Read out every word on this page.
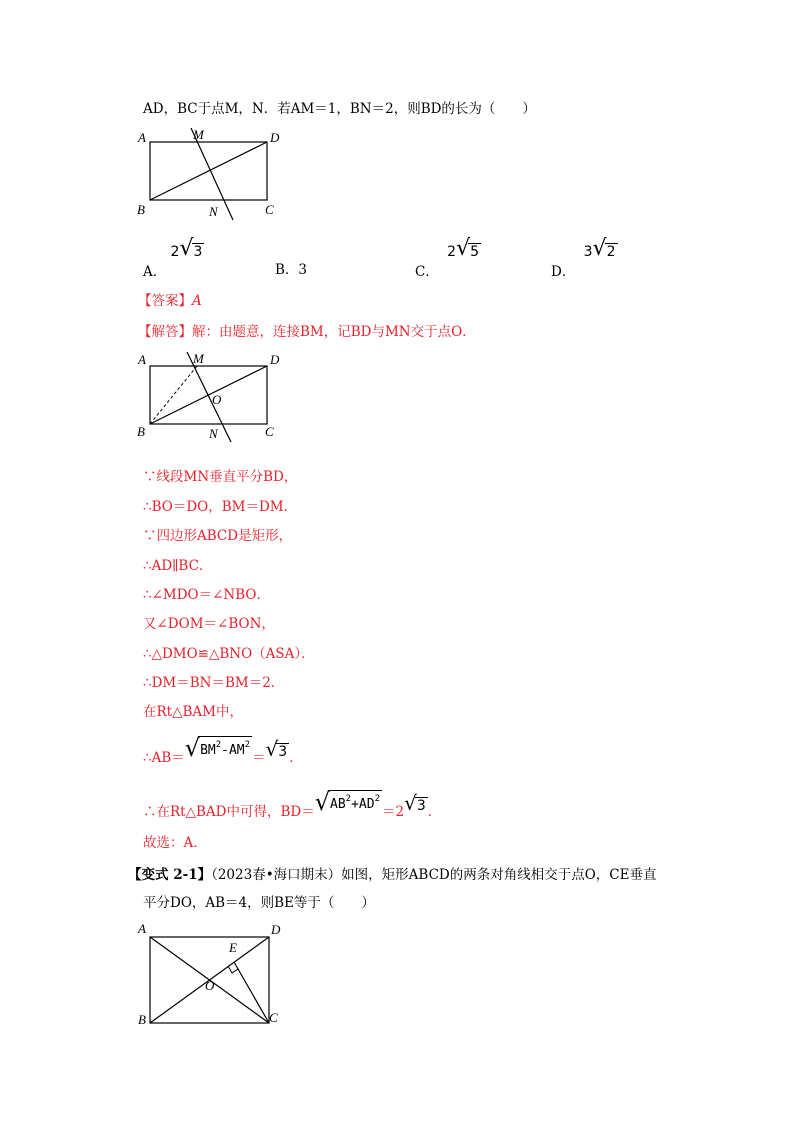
AD，BC于点M，N．若AM＝1，BN＝2，则BD的长为（　　）
A	M	D
B	N	C
A．
2 √ 3
B．3	C．
2 √ 5
D．
3 √ 2
【答案】A
【解答】解：由题意，连接BM，记BD与MN交于点O．
A	M	D
O
B	N	C
∵线段MN垂直平分BD，
∴BO＝DO，BM＝DM．
∵四边形ABCD是矩形，
∴AD∥BC．
∴∠MDO＝∠NBO．
又∠DOM＝∠BON，
∴△DMO≌△BNO（ASA）．
∴DM＝BN＝BM＝2．
在Rt△BAM中，
∴AB＝ √ $BM^2-AM^2$
＝ √ 3 ．
∴在Rt△BAD中可得，BD＝ √ $AB^2+AD^2$
＝2 √ 3 ．
故选：A．
【变式 2-1】（2023春•海口期末）如图，矩形ABCD的两条对角线相交于点O，CE垂直
平分DO，AB＝4，则BE等于（　　）
A	D
E
O
B	C
